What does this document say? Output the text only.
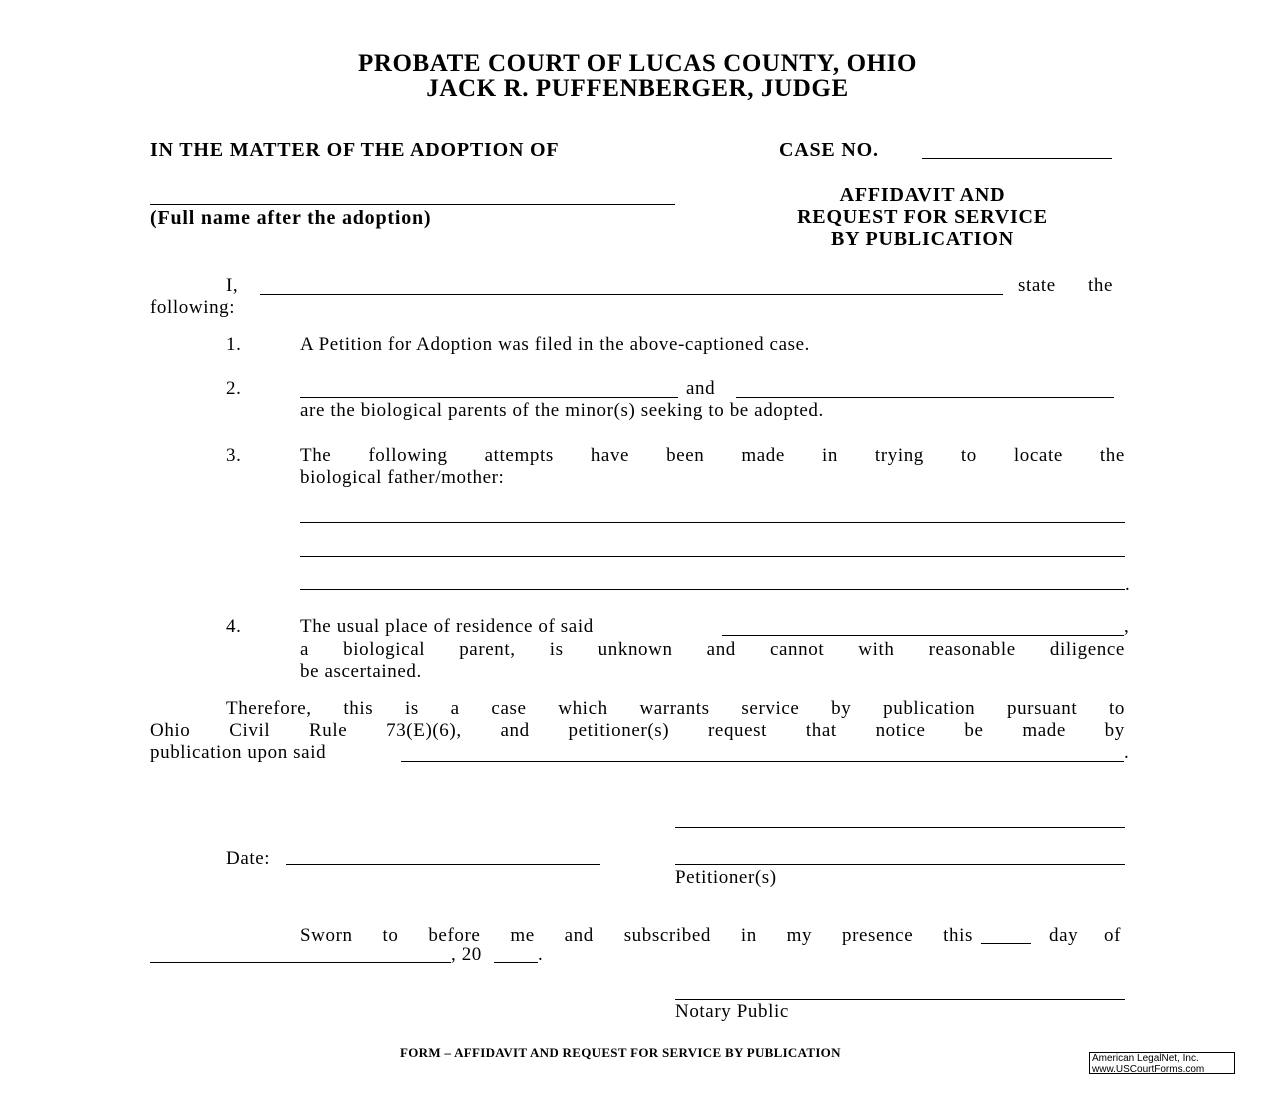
PROBATE COURT OF LUCAS COUNTY, OHIO
JACK R. PUFFENBERGER, JUDGE
IN THE MATTER OF THE ADOPTION OF	CASE NO.
(Full name after the adoption)
AFFIDAVIT AND
REQUEST FOR SERVICE
BY PUBLICATION
I,	state the
following:
1.	A Petition for Adoption was filed in the above-captioned case.
2.	and
are the biological parents of the minor(s) seeking to be adopted.
3.	The following attempts have been made in trying to locate the
biological father/mother:
.
4.	The usual place of residence of said	,
a biological parent, is unknown and cannot with reasonable diligence
be ascertained.
Therefore, this is a case which warrants service by publication pursuant to
Ohio Civil Rule 73(E)(6), and petitioner(s) request that notice be made by
publication upon said	.
Date:
Petitioner(s)
Sworn to before me and subscribed in my presence this	day of
, 20	.
Notary Public
FORM – AFFIDAVIT AND REQUEST FOR SERVICE BY PUBLICATION	American LegalNet, Inc.
www.USCourtForms.com
